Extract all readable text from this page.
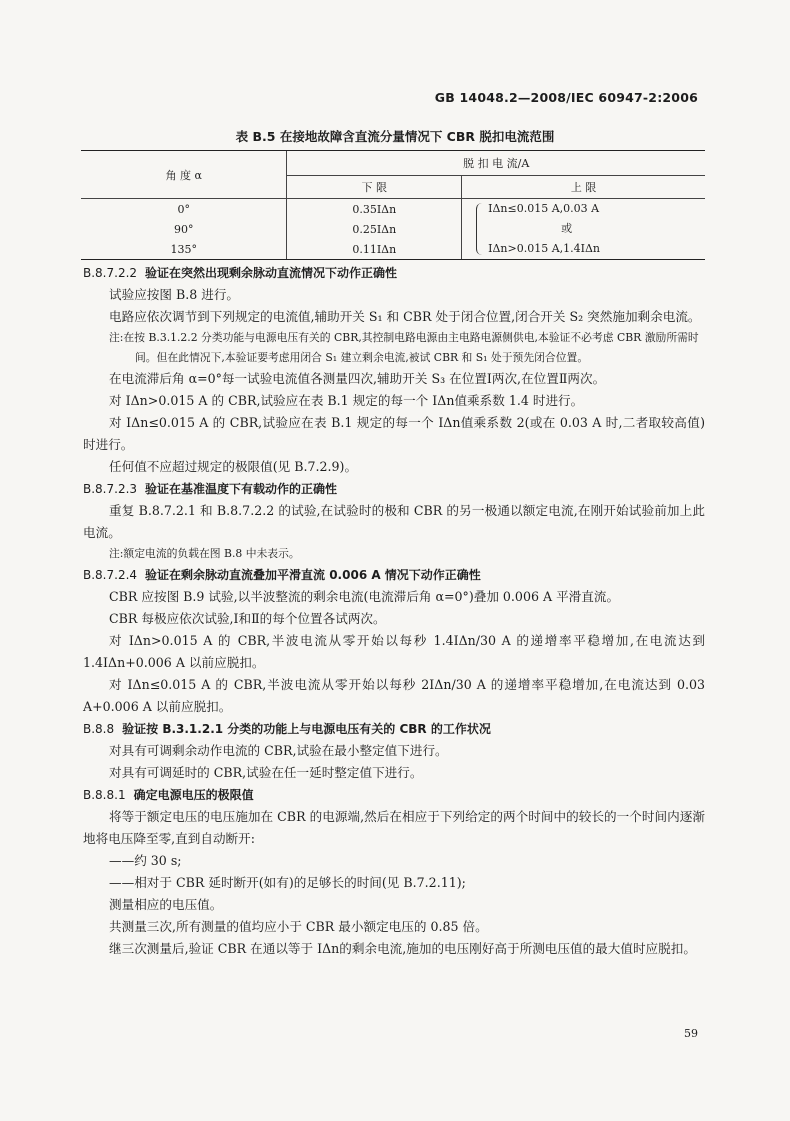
GB 14048.2—2008/IEC 60947-2:2006
表 B.5 在接地故障含直流分量情况下 CBR 脱扣电流范围
角 度 α	脱 扣 电 流/A	
	下 限	上 限
0°	0.35IΔn	IΔn≤0.015 A,0.03 A
或
IΔn>0.015 A,1.4IΔn

90°	0.25IΔn	
135°	0.11IΔn	
B.8.7.2.2 验证在突然出现剩余脉动直流情况下动作正确性

试验应按图 B.8 进行。

电路应依次调节到下列规定的电流值,辅助开关 S₁ 和 CBR 处于闭合位置,闭合开关 S₂ 突然施加剩余电流。

注:在按 B.3.1.2.2 分类功能与电源电压有关的 CBR,其控制电路电源由主电路电源侧供电,本验证不必考虑 CBR 激励所需时间。但在此情况下,本验证要考虑用闭合 S₁ 建立剩余电流,被试 CBR 和 S₁ 处于预先闭合位置。

在电流滞后角 α=0°每一试验电流值各测量四次,辅助开关 S₃ 在位置Ⅰ两次,在位置Ⅱ两次。

对 IΔn>0.015 A 的 CBR,试验应在表 B.1 规定的每一个 IΔn值乘系数 1.4 时进行。

对 IΔn≤0.015 A 的 CBR,试验应在表 B.1 规定的每一个 IΔn值乘系数 2(或在 0.03 A 时,二者取较高值)时进行。

任何值不应超过规定的极限值(见 B.7.2.9)。

B.8.7.2.3 验证在基准温度下有载动作的正确性

重复 B.8.7.2.1 和 B.8.7.2.2 的试验,在试验时的极和 CBR 的另一极通以额定电流,在刚开始试验前加上此电流。

注:额定电流的负载在图 B.8 中未表示。

B.8.7.2.4 验证在剩余脉动直流叠加平滑直流 0.006 A 情况下动作正确性

CBR 应按图 B.9 试验,以半波整流的剩余电流(电流滞后角 α=0°)叠加 0.006 A 平滑直流。

CBR 每极应依次试验,Ⅰ和Ⅱ的每个位置各试两次。

对 IΔn>0.015 A 的 CBR,半波电流从零开始以每秒 1.4IΔn/30 A 的递增率平稳增加,在电流达到 1.4IΔn+0.006 A 以前应脱扣。

对 IΔn≤0.015 A 的 CBR,半波电流从零开始以每秒 2IΔn/30 A 的递增率平稳增加,在电流达到 0.03 A+0.006 A 以前应脱扣。

B.8.8 验证按 B.3.1.2.1 分类的功能上与电源电压有关的 CBR 的工作状况

对具有可调剩余动作电流的 CBR,试验在最小整定值下进行。

对具有可调延时的 CBR,试验在任一延时整定值下进行。

B.8.8.1 确定电源电压的极限值

将等于额定电压的电压施加在 CBR 的电源端,然后在相应于下列给定的两个时间中的较长的一个时间内逐渐地将电压降至零,直到自动断开:

——约 30 s;

——相对于 CBR 延时断开(如有)的足够长的时间(见 B.7.2.11);

测量相应的电压值。

共测量三次,所有测量的值均应小于 CBR 最小额定电压的 0.85 倍。

继三次测量后,验证 CBR 在通以等于 IΔn的剩余电流,施加的电压刚好高于所测电压值的最大值时应脱扣。

59
